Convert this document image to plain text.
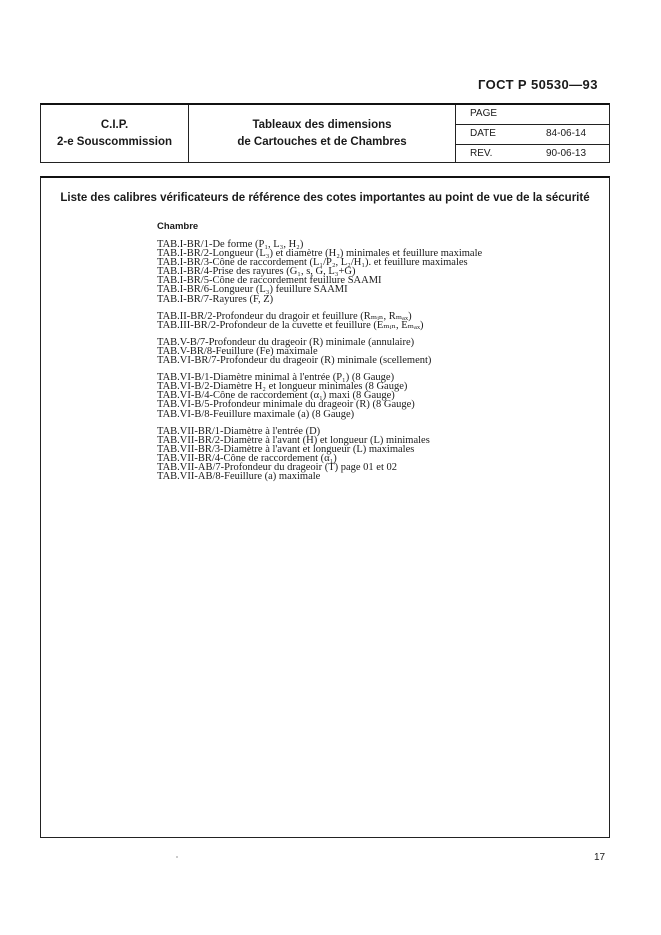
ГОСТ Р 50530—93
C.I.P.
2-e Souscommission
Tableaux des dimensions
de Cartouches et de Chambres
PAGE
DATE	84-06-14
REV.	90-06-13
Liste des calibres vérificateurs de référence des cotes importantes au point de vue de la sécurité
Chambre
TAB.I-BR/1-De forme (P₁, L₃, H₂)
TAB.I-BR/2-Longueur (L₃) et diamètre (H₂) minimales et feuillure maximale
TAB.I-BR/3-Cône de raccordement (L₁/P₂, L₂/H₁). et feuillure maximales
TAB.I-BR/4-Prise des rayures (G₁, s, G, L₃+G)
TAB.I-BR/5-Cône de raccordement feuillure SAAMI
TAB.I-BR/6-Longueur (L₃) feuillure SAAMI
TAB.I-BR/7-Rayures (F, Z)
TAB.II-BR/2-Profondeur du dragoir et feuillure (Rₘᵢₙ, Rₘₐₓ)
TAB.III-BR/2-Profondeur de la cuvette et feuillure (Eₘᵢₙ, Eₘₐₓ)
TAB.V-B/7-Profondeur du drageoir (R) minimale (annulaire)
TAB.V-BR/8-Feuillure (Fe) maximale
TAB.VI-BR/7-Profondeur du drageoir (R) minimale (scellement)
TAB.VI-B/1-Diamètre minimal à l'entrée (P₁) (8 Gauge)
TAB.VI-B/2-Diamètre H₂ et longueur minimales (8 Gauge)
TAB.VI-B/4-Cône de raccordement (α₁) maxi (8 Gauge)
TAB.VI-B/5-Profondeur minimale du drageoir (R) (8 Gauge)
TAB.VI-B/8-Feuillure maximale (a) (8 Gauge)
TAB.VII-BR/1-Diamètre à l'entrée (D)
TAB.VII-BR/2-Diamètre à l'avant (H) et longueur (L) minimales
TAB.VII-BR/3-Diamètre à l'avant et longueur (L) maximales
TAB.VII-BR/4-Cône de raccordement (α₁)
TAB.VII-AB/7-Profondeur du drageoir (T) page 01 et 02
TAB.VII-AB/8-Feuillure (a) maximale
17
